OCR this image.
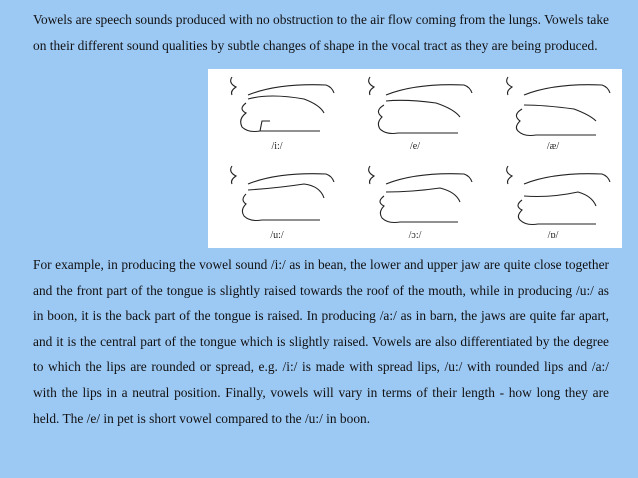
Vowels are speech sounds produced with no obstruction to the air flow coming from the lungs. Vowels take on their different sound qualities by subtle changes of shape in the vocal tract as they are being produced.

/i:/	/e/	/æ/
/u:/	/ɔ:/	/ɒ/

For example, in producing the vowel sound /i:/ as in bean, the lower and upper jaw are quite close together and the front part of the tongue is slightly raised towards the roof of the mouth, while in producing /u:/ as in boon, it is the back part of the tongue is raised. In producing /a:/ as in barn, the jaws are quite far apart, and it is the central part of the tongue which is slightly raised. Vowels are also differentiated by the degree to which the lips are rounded or spread, e.g. /i:/ is made with spread lips, /u:/ with rounded lips and /a:/ with the lips in a neutral position. Finally, vowels will vary in terms of their length - how long they are held. The /e/ in pet is short vowel compared to the /u:/ in boon.
